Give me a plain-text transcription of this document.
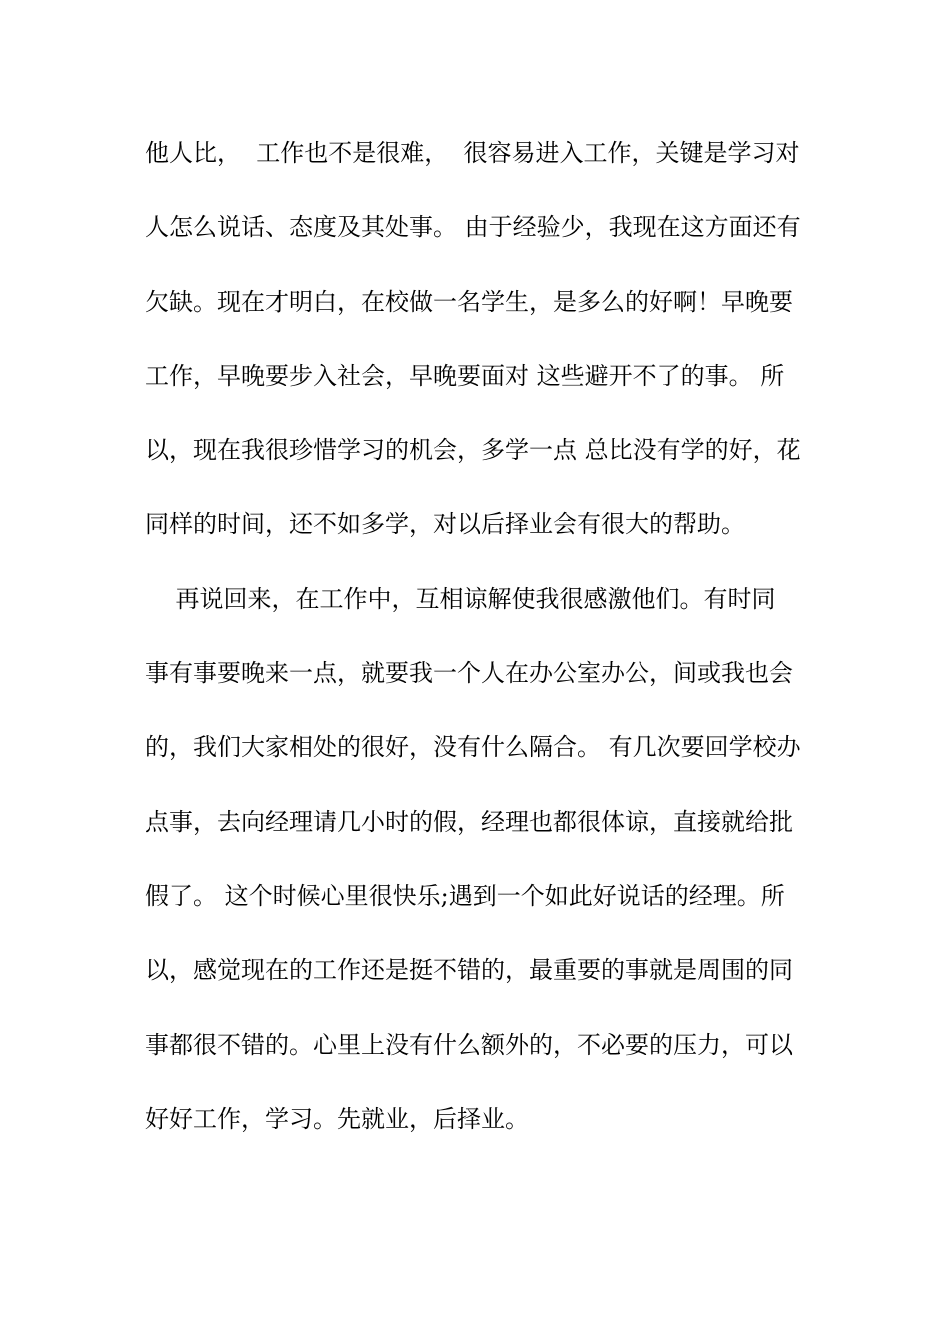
他人比，  工作也不是很难，  很容易进入工作，关键是学习对
人怎么说话、态度及其处事。 由于经验少，我现在这方面还有
欠缺。现在才明白，在校做一名学生，是多么的好啊！早晚要
工作，早晚要步入社会，早晚要面对 这些避开不了的事。 所
以，现在我很珍惜学习的机会，多学一点 总比没有学的好，花
同样的时间，还不如多学，对以后择业会有很大的帮助。
再说回来，在工作中，互相谅解使我很感激他们。有时同
事有事要晚来一点，就要我一个人在办公室办公，间或我也会
的，我们大家相处的很好，没有什么隔合。 有几次要回学校办
点事，去向经理请几小时的假，经理也都很体谅，直接就给批
假了。 这个时候心里很快乐;遇到一个如此好说话的经理。所
以，感觉现在的工作还是挺不错的，最重要的事就是周围的同
事都很不错的。心里上没有什么额外的，不必要的压力，可以
好好工作，学习。先就业，后择业。
